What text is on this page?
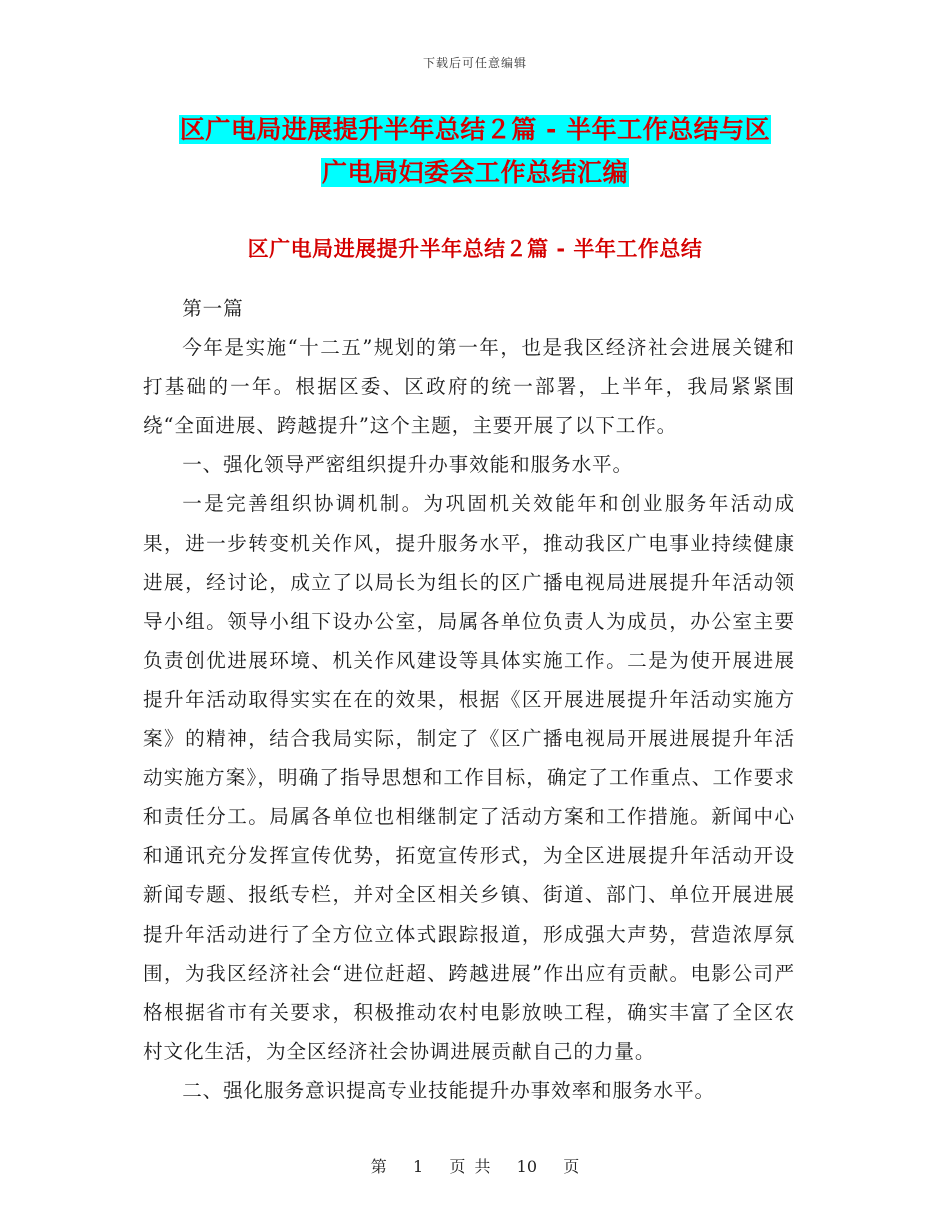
下载后可任意编辑
区广电局进展提升半年总结２篇 - 半年工作总结与区
广电局妇委会工作总结汇编
区广电局进展提升半年总结２篇 - 半年工作总结

第一篇

今年是实施“十二五”规划的第一年，也是我区经济社会进展关键和打基础的一年。根据区委、区政府的统一部署，上半年，我局紧紧围绕“全面进展、跨越提升”这个主题，主要开展了以下工作。

一、强化领导严密组织提升办事效能和服务水平。

一是完善组织协调机制。为巩固机关效能年和创业服务年活动成果，进一步转变机关作风，提升服务水平，推动我区广电事业持续健康进展，经讨论，成立了以局长为组长的区广播电视局进展提升年活动领导小组。领导小组下设办公室，局属各单位负责人为成员，办公室主要负责创优进展环境、机关作风建设等具体实施工作。二是为使开展进展提升年活动取得实实在在的效果，根据《区开展进展提升年活动实施方案》的精神，结合我局实际，制定了《区广播电视局开展进展提升年活动实施方案》，明确了指导思想和工作目标，确定了工作重点、工作要求和责任分工。局属各单位也相继制定了活动方案和工作措施。新闻中心和通讯充分发挥宣传优势，拓宽宣传形式，为全区进展提升年活动开设新闻专题、报纸专栏，并对全区相关乡镇、街道、部门、单位开展进展提升年活动进行了全方位立体式跟踪报道，形成强大声势，营造浓厚氛围，为我区经济社会“进位赶超、跨越进展”作出应有贡献。电影公司严格根据省市有关要求，积极推动农村电影放映工程，确实丰富了全区农村文化生活，为全区经济社会协调进展贡献自己的力量。

二、强化服务意识提高专业技能提升办事效率和服务水平。

第 1 页 共 10 页
